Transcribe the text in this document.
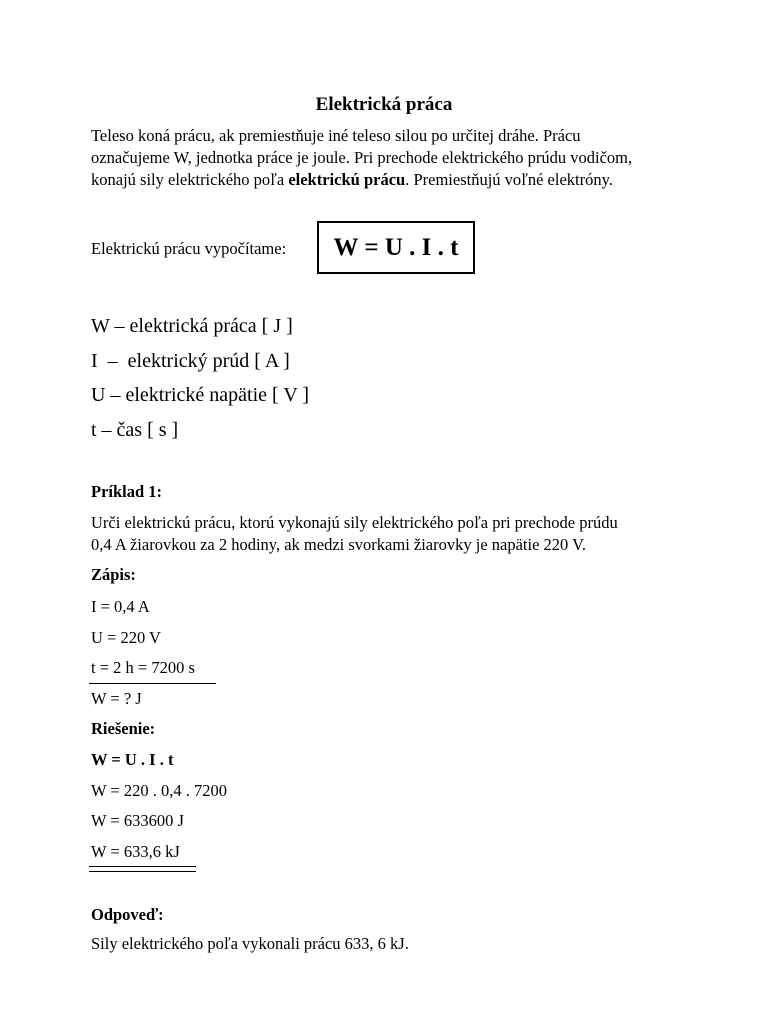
Elektrická práca

Teleso koná prácu, ak premiestňuje iné teleso silou po určitej dráhe. Prácu

označujeme W, jednotka práce je joule. Pri prechode elektrického prúdu vodičom,

konajú sily elektrického poľa elektrickú prácu. Premiestňujú voľné elektróny.

Elektrickú prácu vypočítame: W = U . I . t
W – elektrická práca [ J ]
I  –  elektrický prúd [ A ]
U – elektrické napätie [ V ]
t – čas [ s ]
Príklad 1:
Urči elektrickú prácu, ktorú vykonajú sily elektrického poľa pri prechode prúdu
0,4 A žiarovkou za 2 hodiny, ak medzi svorkami žiarovky je napätie 220 V.
Zápis:
I = 0,4 A
U = 220 V
t = 2 h = 7200 s
W = ? J
Riešenie:
W = U . I . t
W = 220 . 0,4 . 7200
W = 633600 J
W = 633,6 kJ
Odpoveď:
Sily elektrického poľa vykonali prácu 633, 6 kJ.
